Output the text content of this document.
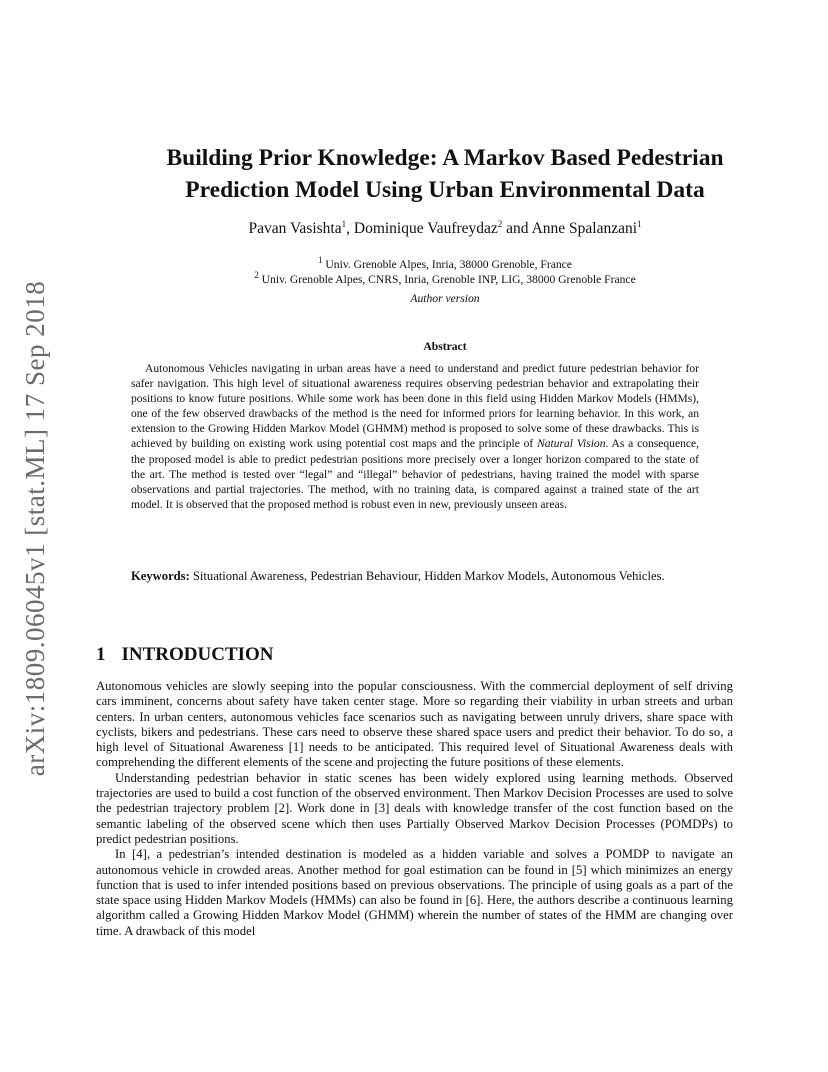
arXiv:1809.06045v1 [stat.ML] 17 Sep 2018
Building Prior Knowledge: A Markov Based Pedestrian
Prediction Model Using Urban Environmental Data
Pavan Vasishta$^1$, Dominique Vaufreydaz$^2$ and Anne Spalanzani$^1$
$^1$ Univ. Grenoble Alpes, Inria, 38000 Grenoble, France
$^2$ Univ. Grenoble Alpes, CNRS, Inria, Grenoble INP, LIG, 38000 Grenoble France
Author version
Abstract

Autonomous Vehicles navigating in urban areas have a need to understand and predict future pedestrian behavior for safer navigation. This high level of situational awareness requires observing pedestrian behavior and extrapolating their positions to know future positions. While some work has been done in this field using Hidden Markov Models (HMMs), one of the few observed drawbacks of the method is the need for informed priors for learning behavior. In this work, an extension to the Growing Hidden Markov Model (GHMM) method is proposed to solve some of these drawbacks. This is achieved by building on existing work using potential cost maps and the principle of Natural Vision. As a consequence, the proposed model is able to predict pedestrian positions more precisely over a longer horizon compared to the state of the art. The method is tested over “legal” and “illegal” behavior of pedestrians, having trained the model with sparse observations and partial trajectories. The method, with no training data, is compared against a trained state of the art model. It is observed that the proposed method is robust even in new, previously unseen areas.

Keywords: Situational Awareness, Pedestrian Behaviour, Hidden Markov Models, Autonomous Vehicles.

1 INTRODUCTION

Autonomous vehicles are slowly seeping into the popular consciousness. With the commercial deployment of self driving cars imminent, concerns about safety have taken center stage. More so regarding their viability in urban streets and urban centers. In urban centers, autonomous vehicles face scenarios such as navigating between unruly drivers, share space with cyclists, bikers and pedestrians. These cars need to observe these shared space users and predict their behavior. To do so, a high level of Situational Awareness [1] needs to be anticipated. This required level of Situational Awareness deals with comprehending the different elements of the scene and projecting the future positions of these elements.

Understanding pedestrian behavior in static scenes has been widely explored using learning methods. Observed trajectories are used to build a cost function of the observed environment. Then Markov Decision Processes are used to solve the pedestrian trajectory problem [2]. Work done in [3] deals with knowledge transfer of the cost function based on the semantic labeling of the observed scene which then uses Partially Observed Markov Decision Processes (POMDPs) to predict pedestrian positions.

In [4], a pedestrian’s intended destination is modeled as a hidden variable and solves a POMDP to navigate an autonomous vehicle in crowded areas. Another method for goal estimation can be found in [5] which minimizes an energy function that is used to infer intended positions based on previous observations. The principle of using goals as a part of the state space using Hidden Markov Models (HMMs) can also be found in [6]. Here, the authors describe a continuous learning algorithm called a Growing Hidden Markov Model (GHMM) wherein the number of states of the HMM are changing over time. A drawback of this model
